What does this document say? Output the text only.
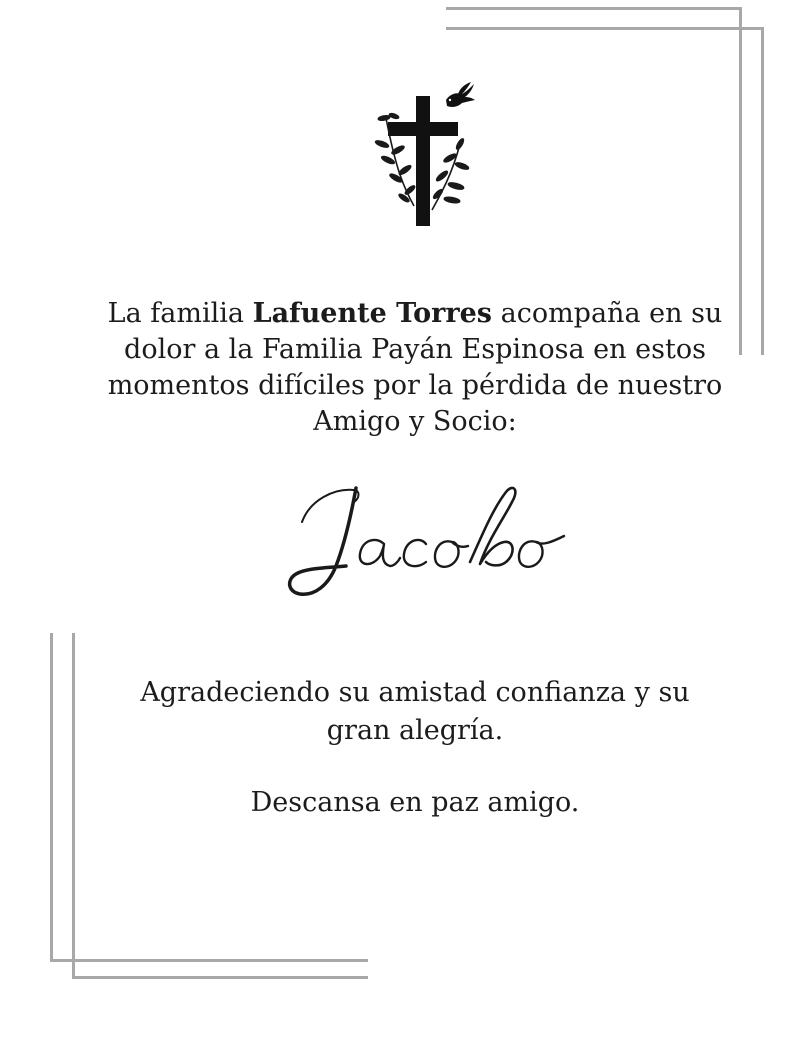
La familia Lafuente Torres acompaña en su dolor a la Familia Payán Espinosa en estos momentos difíciles por la pérdida de nuestro Amigo y Socio:
Agradeciendo su amistad confianza y su gran alegría.
Descansa en paz amigo.
